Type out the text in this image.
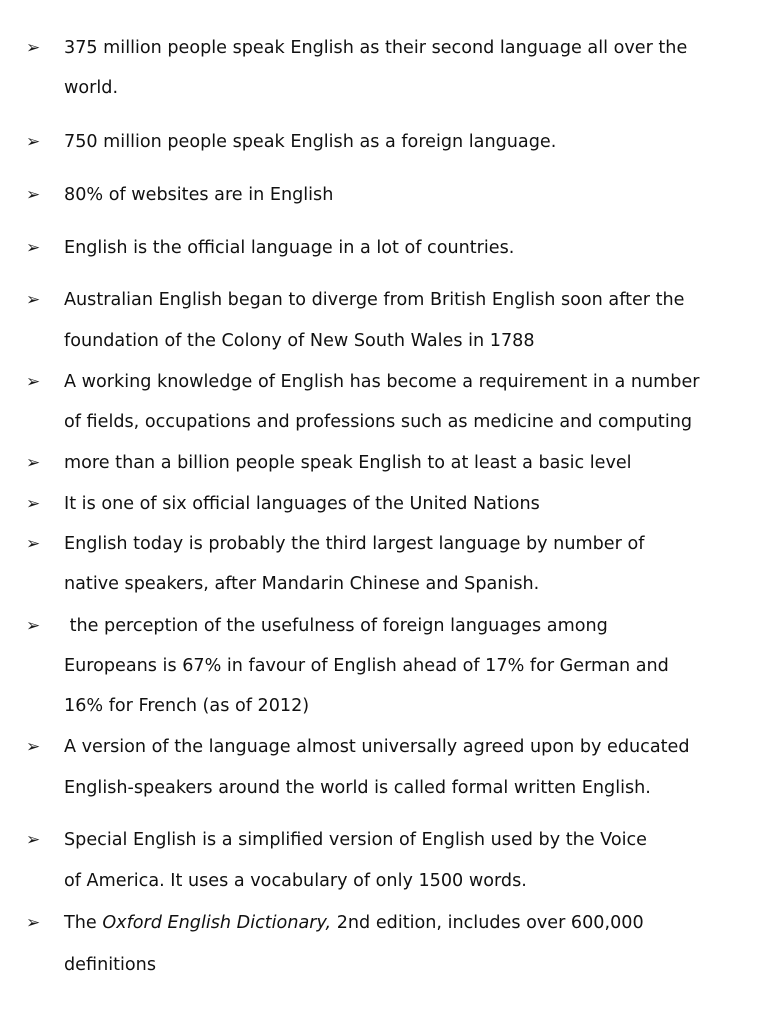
➢	375 million people speak English as their second language all over the
world.
➢	750 million people speak English as a foreign language.
➢	80% of websites are in English
➢	English is the official language in a lot of countries.
➢	Australian English began to diverge from British English soon after the
foundation of the Colony of New South Wales in 1788
➢	A working knowledge of English has become a requirement in a number
of fields, occupations and professions such as medicine and computing
➢	more than a billion people speak English to at least a basic level
➢	It is one of six official languages of the United Nations
➢	English today is probably the third largest language by number of
native speakers, after Mandarin Chinese and Spanish.
➢	the perception of the usefulness of foreign languages among
Europeans is 67% in favour of English ahead of 17% for German and
16% for French (as of 2012)
➢	A version of the language almost universally agreed upon by educated
English-speakers around the world is called formal written English.
➢	Special English is a simplified version of English used by the Voice
of America. It uses a vocabulary of only 1500 words.
➢	The Oxford English Dictionary, 2nd edition, includes over 600,000
definitions
